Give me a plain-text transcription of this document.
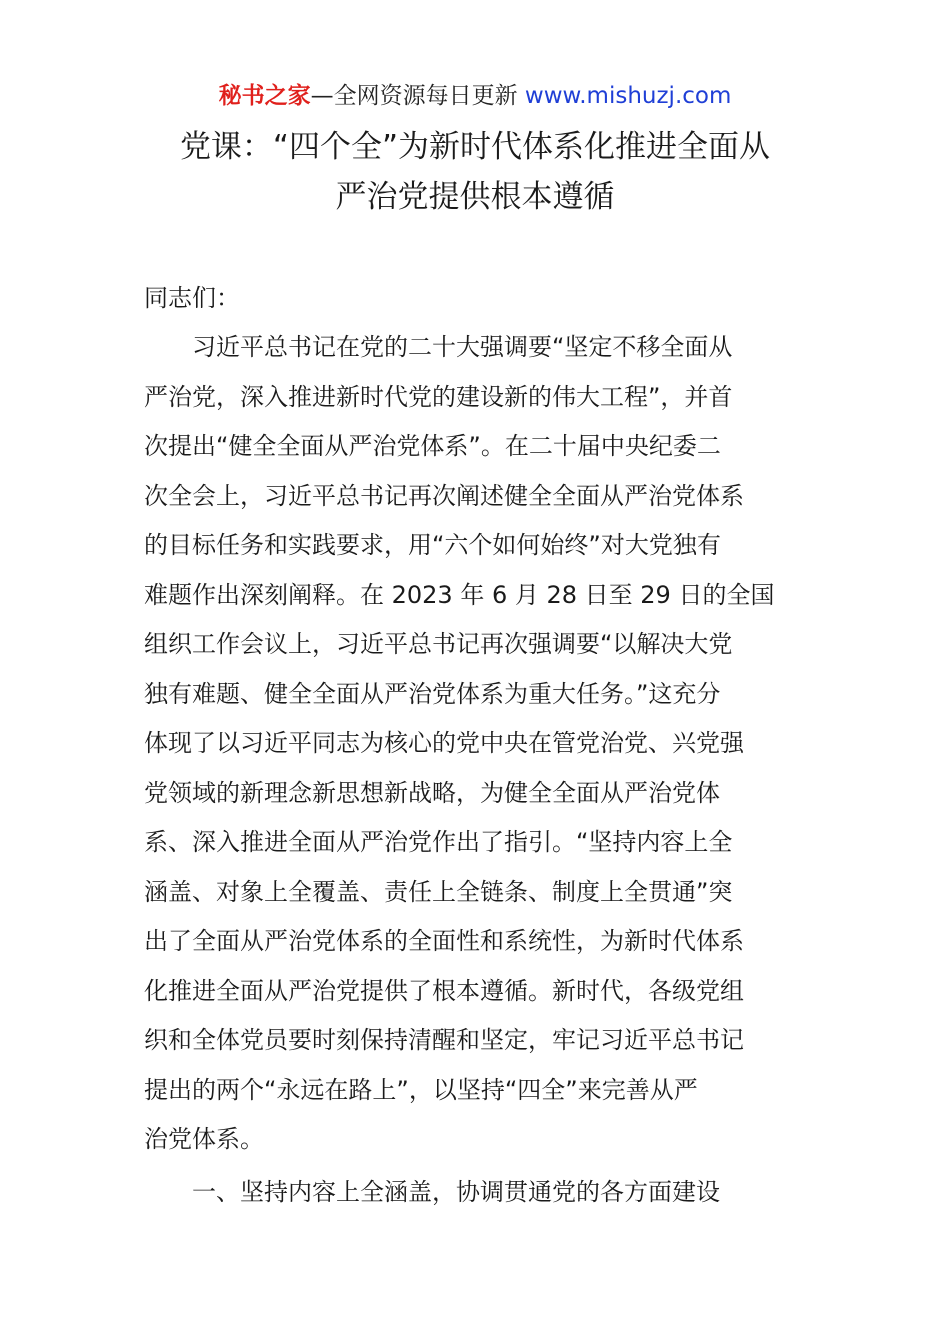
秘书之家—全网资源每日更新 www.mishuzj.com
党课：“四个全”为新时代体系化推进全面从
严治党提供根本遵循
同志们：
习近平总书记在党的二十大强调要“坚定不移全面从
严治党，深入推进新时代党的建设新的伟大工程”，并首
次提出“健全全面从严治党体系”。在二十届中央纪委二
次全会上，习近平总书记再次阐述健全全面从严治党体系
的目标任务和实践要求，用“六个如何始终”对大党独有
难题作出深刻阐释。在 2023 年 6 月 28 日至 29 日的全国
组织工作会议上，习近平总书记再次强调要“以解决大党
独有难题、健全全面从严治党体系为重大任务。”这充分
体现了以习近平同志为核心的党中央在管党治党、兴党强
党领域的新理念新思想新战略，为健全全面从严治党体
系、深入推进全面从严治党作出了指引。“坚持内容上全
涵盖、对象上全覆盖、责任上全链条、制度上全贯通”突
出了全面从严治党体系的全面性和系统性，为新时代体系
化推进全面从严治党提供了根本遵循。新时代，各级党组
织和全体党员要时刻保持清醒和坚定，牢记习近平总书记
提出的两个“永远在路上”，以坚持“四全”来完善从严
治党体系。
一、坚持内容上全涵盖，协调贯通党的各方面建设
